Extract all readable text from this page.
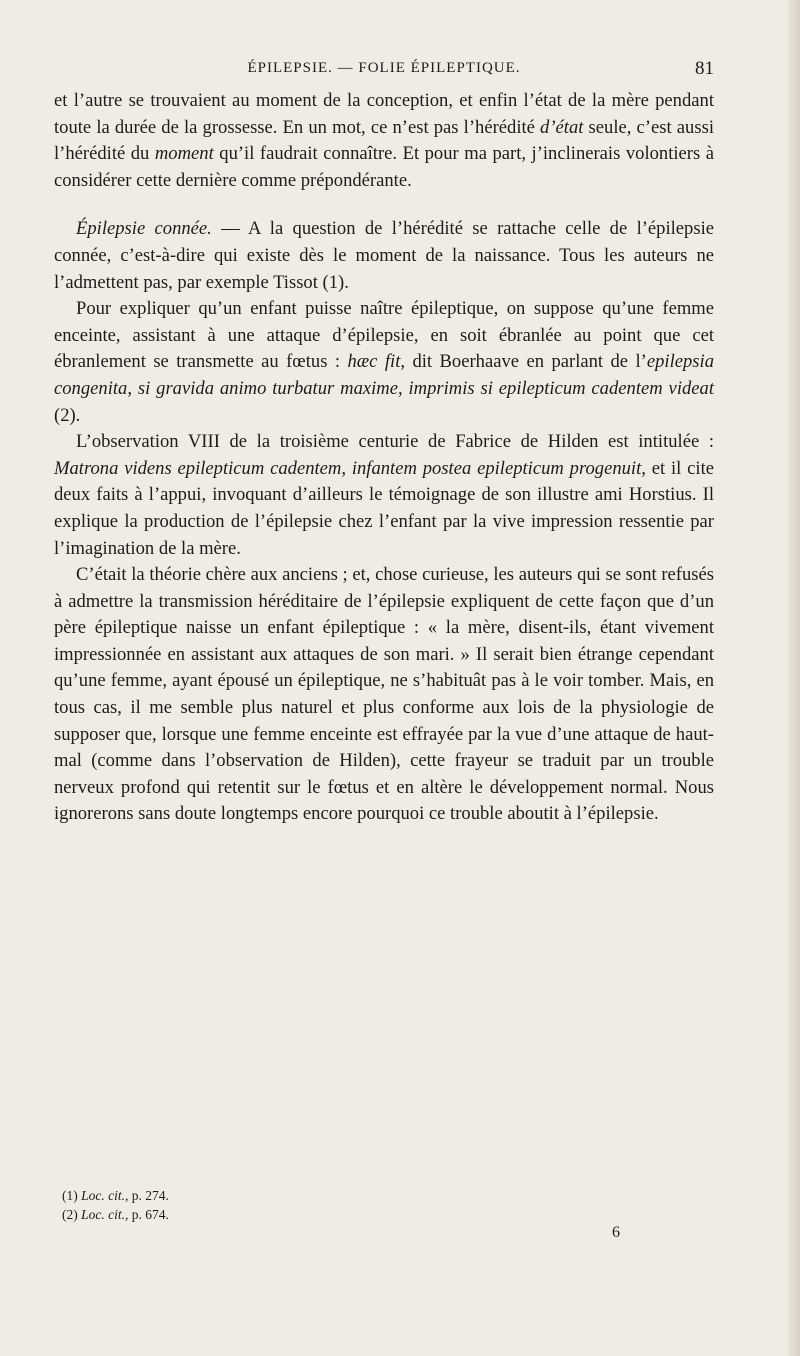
ÉPILEPSIE. — FOLIE ÉPILEPTIQUE.	81

et l’autre se trouvaient au moment de la conception, et enfin l’état de la mère pendant toute la durée de la grossesse. En un mot, ce n’est pas l’hérédité d’état seule, c’est aussi l’hérédité du moment qu’il faudrait connaître. Et pour ma part, j’inclinerais volontiers à considérer cette dernière comme prépondérante.

Épilepsie connée. — A la question de l’hérédité se rattache celle de l’épilepsie connée, c’est-à-dire qui existe dès le moment de la naissance. Tous les auteurs ne l’admettent pas, par exemple Tissot (1).

Pour expliquer qu’un enfant puisse naître épileptique, on suppose qu’une femme enceinte, assistant à une attaque d’épilepsie, en soit ébranlée au point que cet ébranlement se transmette au fœtus : hæc fit, dit Boerhaave en parlant de l’epilepsia congenita, si gravida animo turbatur maxime, imprimis si epilepticum cadentem videat (2).

L’observation VIII de la troisième centurie de Fabrice de Hilden est intitulée : Matrona videns epilepticum cadentem, infantem postea epilepticum progenuit, et il cite deux faits à l’appui, invoquant d’ailleurs le témoignage de son illustre ami Horstius. Il explique la production de l’épilepsie chez l’enfant par la vive impression ressentie par l’imagination de la mère.

C’était la théorie chère aux anciens ; et, chose curieuse, les auteurs qui se sont refusés à admettre la transmission héréditaire de l’épilepsie expliquent de cette façon que d’un père épileptique naisse un enfant épileptique : « la mère, disent-ils, étant vivement impressionnée en assistant aux attaques de son mari. » Il serait bien étrange cependant qu’une femme, ayant épousé un épileptique, ne s’habituât pas à le voir tomber. Mais, en tous cas, il me semble plus naturel et plus conforme aux lois de la physiologie de supposer que, lorsque une femme enceinte est effrayée par la vue d’une attaque de haut-mal (comme dans l’observation de Hilden), cette frayeur se traduit par un trouble nerveux profond qui retentit sur le fœtus et en altère le développement normal. Nous ignorerons sans doute longtemps encore pourquoi ce trouble aboutit à l’épilepsie.

(1) Loc. cit., p. 274.
(2) Loc. cit., p. 674.
6
